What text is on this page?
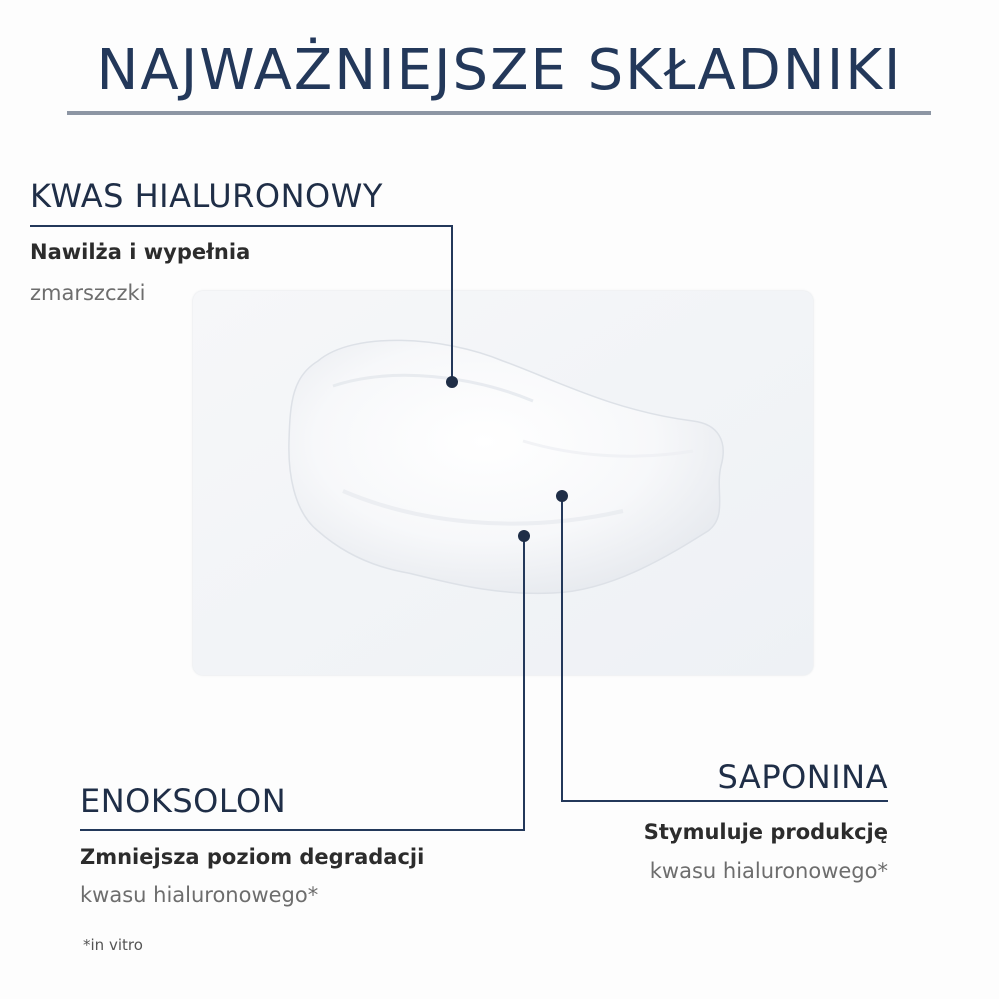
NAJWAŻNIEJSZE SKŁADNIKI
KWAS HIALURONOWY
Nawilża i wypełnia
zmarszczki
ENOKSOLON
Zmniejsza poziom degradacji
kwasu hialuronowego*
SAPONINA
Stymuluje produkcję
kwasu hialuronowego*
*in vitro
